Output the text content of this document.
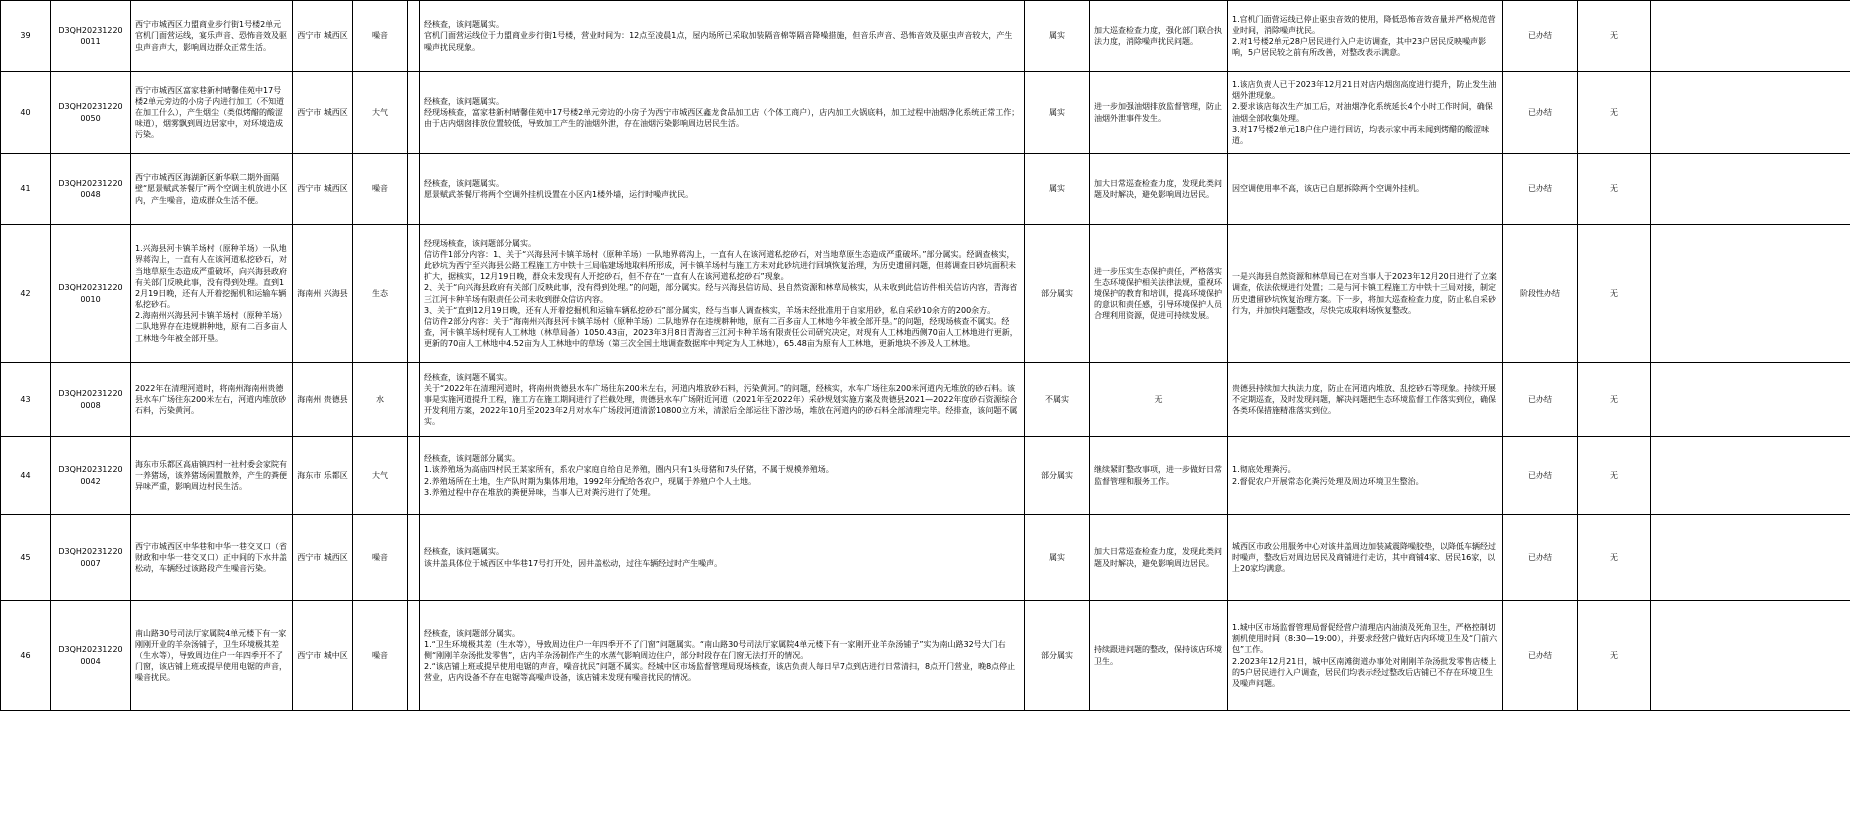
39	D3QH20231220 0011	西宁市城西区力盟商业步行街1号楼2单元官机门面营运线，宴乐声音、恐怖音效及驱虫声音声大，影响周边群众正常生活。	西宁市 城西区	噪音		经核查，该问题属实。
官机门面营运线位于力盟商业步行街1号楼，营业时间为：12点至凌晨1点，屋内场所已采取加装隔音棉等隔音降噪措施，但音乐声音、恐怖音效及驱虫声音较大，产生噪声扰民现象。	属实	加大巡查检查力度，强化部门联合执法力度，消除噪声扰民问题。	1.官机门面营运线已停止驱虫音效的使用，降低恐怖音效音量并严格规范营业时间，消除噪声扰民。
2.对1号楼2单元28户居民进行入户走访调查，其中23户居民反映噪声影响，5户居民较之前有所改善，对整改表示满意。	已办结	无	
40	D3QH20231220 0050	西宁市城西区富家巷新村晴馨佳苑中17号楼2单元旁边的小房子内进行加工（不知道在加工什么），产生烟尘（类似烤醋的酸涩味道），烟雾飘到周边居家中，对环境造成污染。	西宁市 城西区	大气		经核查，该问题属实。
经现场核查，富家巷新村晴馨佳苑中17号楼2单元旁边的小房子为西宁市城西区鑫龙食品加工店（个体工商户），店内加工火锅底料，加工过程中油烟净化系统正常工作；由于店内烟囱排放位置较低，导致加工产生的油烟外泄，存在油烟污染影响周边居民生活。	属实	进一步加强油烟排放监督管理，防止油烟外泄事件发生。	1.该店负责人已于2023年12月21日对店内烟囱高度进行提升，防止发生油烟外泄现象。
2.要求该店每次生产加工后，对油烟净化系统延长4个小时工作时间，确保油烟全部收集处理。
3.对17号楼2单元18户住户进行回访，均表示家中再未闻到烤醋的酸涩味道。	已办结	无	
41	D3QH20231220 0048	西宁市城西区海湖新区新华联二期外面隔壁“愿景赋武茶餐厅”两个空调主机放进小区内，产生噪音，造成群众生活不便。	西宁市 城西区	噪音		经核查，该问题属实。
愿景赋武茶餐厅将两个空调外挂机设置在小区内1楼外墙，运行时噪声扰民。	属实	加大日常巡查检查力度，发现此类问题及时解决，避免影响周边居民。	因空调使用率不高，该店已自愿拆除两个空调外挂机。	已办结	无	
42	D3QH20231220 0010	1.兴海县河卡镇羊场村（原种羊场）一队地界蒋沟上，一直有人在该河道私挖砂石，对当地草原生态造成严重破坏，向兴海县政府有关部门反映此事，没有得到处理。直到12月19日晚，还有人开着挖掘机和运输车辆私挖砂石。
2.海南州兴海县河卡镇羊场村（原种羊场）二队地界存在违规耕种地，原有二百多亩人工林地今年被全部开垦。	海南州 兴海县	生态		经现场核查，该问题部分属实。
信访件1部分内容：1、关于“兴海县河卡镇羊场村（原种羊场）一队地界蒋沟上，一直有人在该河道私挖砂石，对当地草原生态造成严重破坏。”部分属实。经调查核实，此砂坑为西宁至兴海县公路工程施工方中铁十三局临建场地取料所形成，河卡镇羊场村与施工方未对此砂坑进行回填恢复治理，为历史遗留问题，但蒋调查日砂坑面积未扩大，据核实，12月19日晚，群众未发现有人开挖砂石，但不存在“一直有人在该河道私挖砂石”现象。
2、关于“向兴海县政府有关部门反映此事，没有得到处理。”的问题，部分属实。经与兴海县信访局、县自然资源和林草局核实，从未收到此信访件相关信访内容，青海省三江河卡种羊场有限责任公司未收到群众信访内容。
3、关于“直到12月19日晚，还有人开着挖掘机和运输车辆私挖砂石”部分属实，经与当事人调查核实，羊场未经批准用于自家用砂，私自采砂10余方的200余方。
信访件2部分内容：关于“海南州兴海县河卡镇羊场村（原种羊场）二队地界存在违规耕种地，原有二百多亩人工林地今年被全部开垦。”的问题，经现场核查不属实。经查，河卡镇羊场村现有人工林地（林草局备）1050.43亩，2023年3月8日青海省三江河卡种羊场有限责任公司研究决定，对现有人工林地西侧70亩人工林地进行更新，更新的70亩人工林地中4.52亩为人工林地中的草场（第三次全国土地调查数据库中判定为人工林地），65.48亩为原有人工林地，更新地块不涉及人工林地。	部分属实	进一步压实生态保护责任，严格落实生态环境保护相关法律法规，重视环境保护的教育和培训，提高环境保护的意识和责任感，引导环境保护人员合理利用资源，促进可持续发展。	一是兴海县自然资源和林草局已在对当事人于2023年12月20日进行了立案调查，依法依规进行处置；二是与河卡镇工程施工方中铁十三局对接，制定历史遗留砂坑恢复治理方案。下一步，将加大巡查检查力度，防止私自采砂行为，并加快问题整改，尽快完成取料场恢复整改。	阶段性办结	无	
43	D3QH20231220 0008	2022年在清理河道时，将南州海南州贵德县水车广场往东200米左右，河道内堆放砂石料，污染黄河。	海南州 贵德县	水		经核查，该问题不属实。
关于“2022年在清理河道时，将南州贵德县水车广场往东200米左右，河道内堆放砂石料，污染黄河。”的问题，经核实，水车广场往东200米河道内无堆放的砂石料。该事是实施河道提升工程，施工方在施工期间进行了拦截处理，贵德县水车广场附近河道（2021年至2022年）采砂规划实施方案及贵德县2021—2022年度砂石资源综合开发利用方案，2022年10月至2023年2月对水车广场段河道清淤10800立方米，清淤后全部运往下游沙场，堆放在河道内的砂石料全部清理完毕。经排查，该问题不属实。	不属实	无	贵德县持续加大执法力度，防止在河道内堆放、乱挖砂石等现象。持续开展不定期巡查，及时发现问题，解决问题把生态环境监督工作落实到位，确保各类环保措施精准落实到位。	已办结	无	
44	D3QH20231220 0042	海东市乐都区高庙镇四村一社村委会家院有一养猪场，该养猪场闲置散养，产生的粪便异味严重，影响周边村民生活。	海东市 乐都区	大气		经核查，该问题部分属实。
1.该养殖场为高庙四村民王某家所有，系农户家庭自给自足养殖，圈内只有1头母猪和7头仔猪，不属于规模养殖场。
2.养殖场所在土地，生产队时期为集体用地，1992年分配给各农户，现属于养殖户个人土地。
3.养殖过程中存在堆放的粪便异味，当事人已对粪污进行了处理。	部分属实	继续紧盯整改事项，进一步做好日常监督管理和服务工作。	1.彻底处理粪污。
2.督促农户开展常态化粪污处理及周边环境卫生整治。	已办结	无	
45	D3QH20231220 0007	西宁市城西区中华巷和中华一巷交叉口（省财政和中华一巷交叉口）正中间的下水井盖松动，车辆经过该路段产生噪音污染。	西宁市 城西区	噪音		经核查，该问题属实。
该井盖具体位于城西区中华巷17号打开处，因井盖松动，过往车辆经过时产生噪声。	属实	加大日常巡查检查力度，发现此类问题及时解决，避免影响周边居民。	城西区市政公用服务中心对该井盖周边加装减震降噪胶垫，以降低车辆经过时噪声，整改后对周边居民及商铺进行走访，其中商铺4家、居民16家，以上20家均满意。	已办结	无	
46	D3QH20231220 0004	南山路30号司法厅家属院4单元楼下有一家刚刚开业的羊杂汤铺子，卫生环境极其差（生水等），导致周边住户一年四季开不了门窗，该店铺上班或提早使用电锯的声音，噪音扰民。	西宁市 城中区	噪音		经核查，该问题部分属实。
1.“卫生环境极其差（生水等），导致周边住户一年四季开不了门窗”问题属实。“南山路30号司法厅家属院4单元楼下有一家刚开业羊杂汤铺子”实为南山路32号大门右侧“刚刚羊杂汤批发零售”，店内羊杂汤制作产生的水蒸气影响周边住户，部分时段存在门窗无法打开的情况。
2.“该店铺上班或提早使用电锯的声音，噪音扰民”问题不属实。经城中区市场监督管理局现场核查，该店负责人每日早7点到店进行日常清扫，8点开门营业，晚8点停止营业，店内设备不存在电锯等高噪声设备，该店铺未发现有噪音扰民的情况。	部分属实	持续跟进问题的整改，保持该店环境卫生。	1.城中区市场监督管理局督促经营户清理店内油渍及死角卫生，严格控制切割机使用时间（8:30—19:00），并要求经营户做好店内环境卫生及“门前六包”工作。
2.2023年12月21日，城中区南滩街道办事处对刚刚羊杂汤批发零售店楼上的5户居民进行入户调查，居民们均表示经过整改后店铺已不存在环境卫生及噪声问题。	已办结	无	
